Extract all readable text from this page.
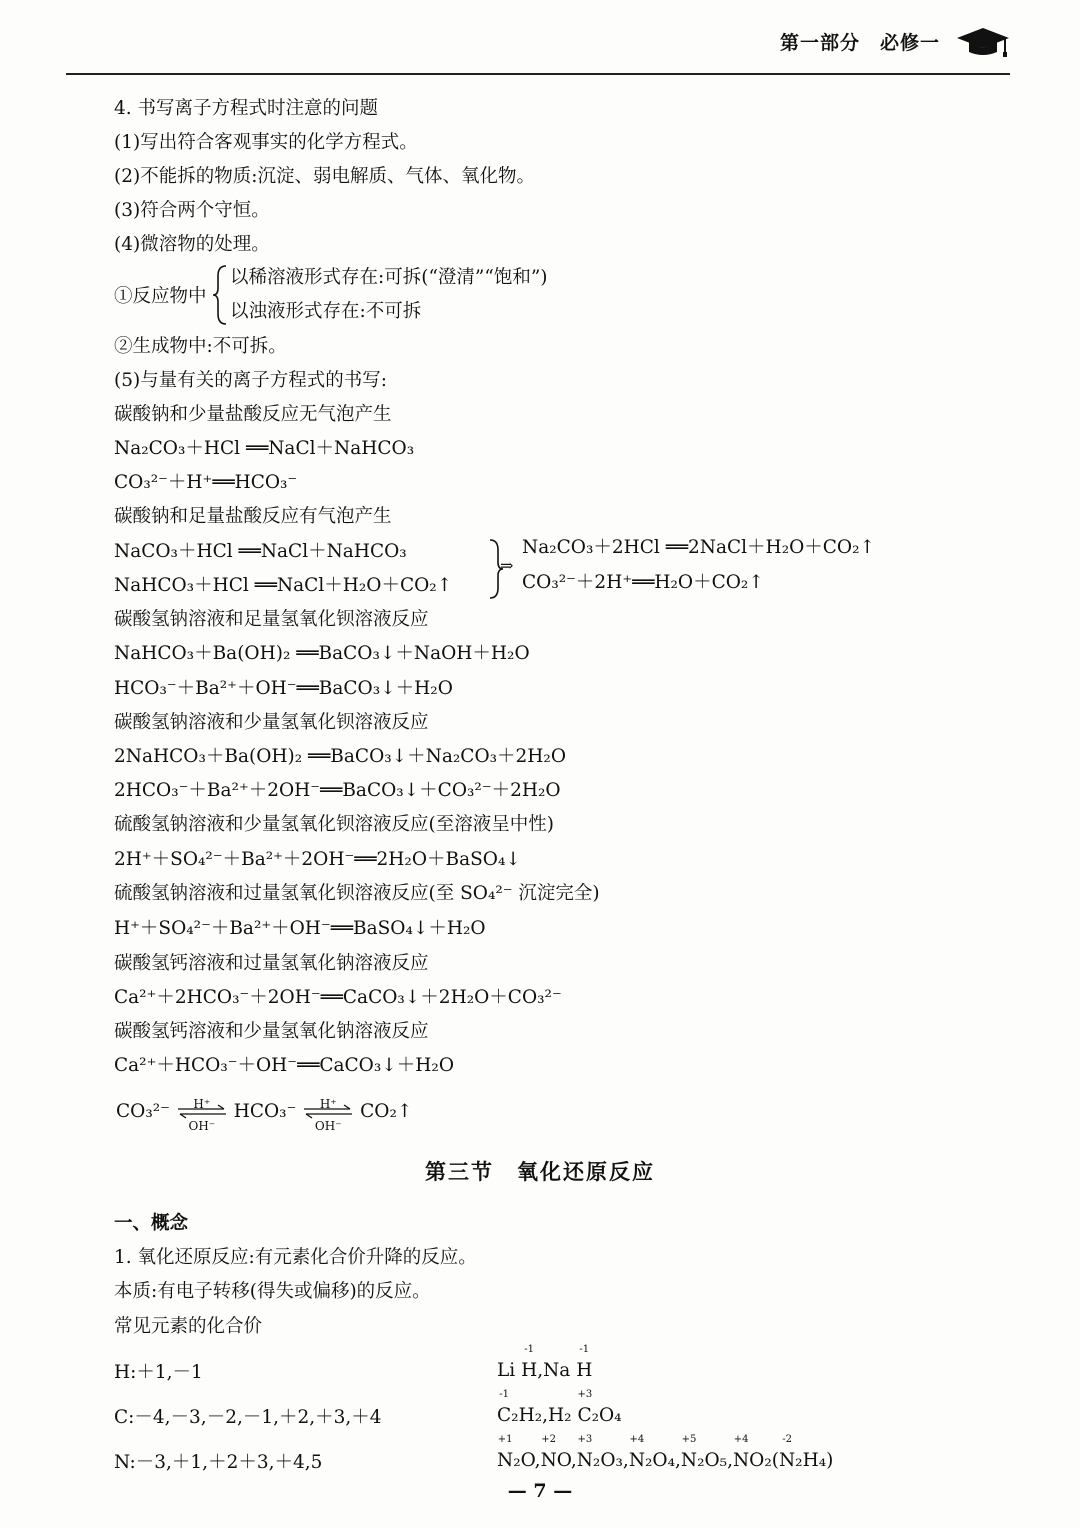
第一部分　必修一
4. 书写离子方程式时注意的问题
(1)写出符合客观事实的化学方程式。
(2)不能拆的物质:沉淀、弱电解质、气体、氧化物。
(3)符合两个守恒。
(4)微溶物的处理。
②生成物中:不可拆。
(5)与量有关的离子方程式的书写:
碳酸钠和少量盐酸反应无气泡产生
Na₂CO₃＋HCl ══NaCl＋NaHCO₃
CO₃²⁻＋H⁺══HCO₃⁻
碳酸钠和足量盐酸反应有气泡产生
NaCO₃＋HCl ══NaCl＋NaHCO₃
NaHCO₃＋HCl ══NaCl＋H₂O＋CO₂↑
碳酸氢钠溶液和足量氢氧化钡溶液反应
NaHCO₃＋Ba(OH)₂ ══BaCO₃↓＋NaOH＋H₂O
HCO₃⁻＋Ba²⁺＋OH⁻══BaCO₃↓＋H₂O
碳酸氢钠溶液和少量氢氧化钡溶液反应
2NaHCO₃＋Ba(OH)₂ ══BaCO₃↓＋Na₂CO₃＋2H₂O
2HCO₃⁻＋Ba²⁺＋2OH⁻══BaCO₃↓＋CO₃²⁻＋2H₂O
硫酸氢钠溶液和少量氢氧化钡溶液反应(至溶液呈中性)
2H⁺＋SO₄²⁻＋Ba²⁺＋2OH⁻══2H₂O＋BaSO₄↓
硫酸氢钠溶液和过量氢氧化钡溶液反应(至 SO₄²⁻ 沉淀完全)
H⁺＋SO₄²⁻＋Ba²⁺＋OH⁻══BaSO₄↓＋H₂O
碳酸氢钙溶液和过量氢氧化钠溶液反应
Ca²⁺＋2HCO₃⁻＋2OH⁻══CaCO₃↓＋2H₂O＋CO₃²⁻
碳酸氢钙溶液和少量氢氧化钠溶液反应
Ca²⁺＋HCO₃⁻＋OH⁻══CaCO₃↓＋H₂O
1. 氧化还原反应:有元素化合价升降的反应。
本质:有电子转移(得失或偏移)的反应。
常见元素的化合价
H:＋1,－1
C:－4,－3,－2,－1,＋2,＋3,＋4
N:－3,＋1,＋2＋3,＋4,5
①反应物中
以稀溶液形式存在:可拆(“澄清”“饱和”)
以浊液形式存在:不可拆
⇒
Na₂CO₃＋2HCl ══2NaCl＋H₂O＋CO₂↑
CO₃²⁻＋2H⁺══H₂O＋CO₂↑
CO₃²⁻	H⁺
OH⁻
HCO₃⁻	H⁺
OH⁻
CO₂↑
第三节　氧化还原反应
一、概念
Li
-1
H,Na
-1
H
-1
C₂H₂,H₂
+3
C₂O₄
+1
N₂O,
+2
NO,
+3
N₂O₃,
+4
N₂O₄,
+5
N₂O₅,
+4
NO₂(
-2
N₂H₄)
— 7 —
